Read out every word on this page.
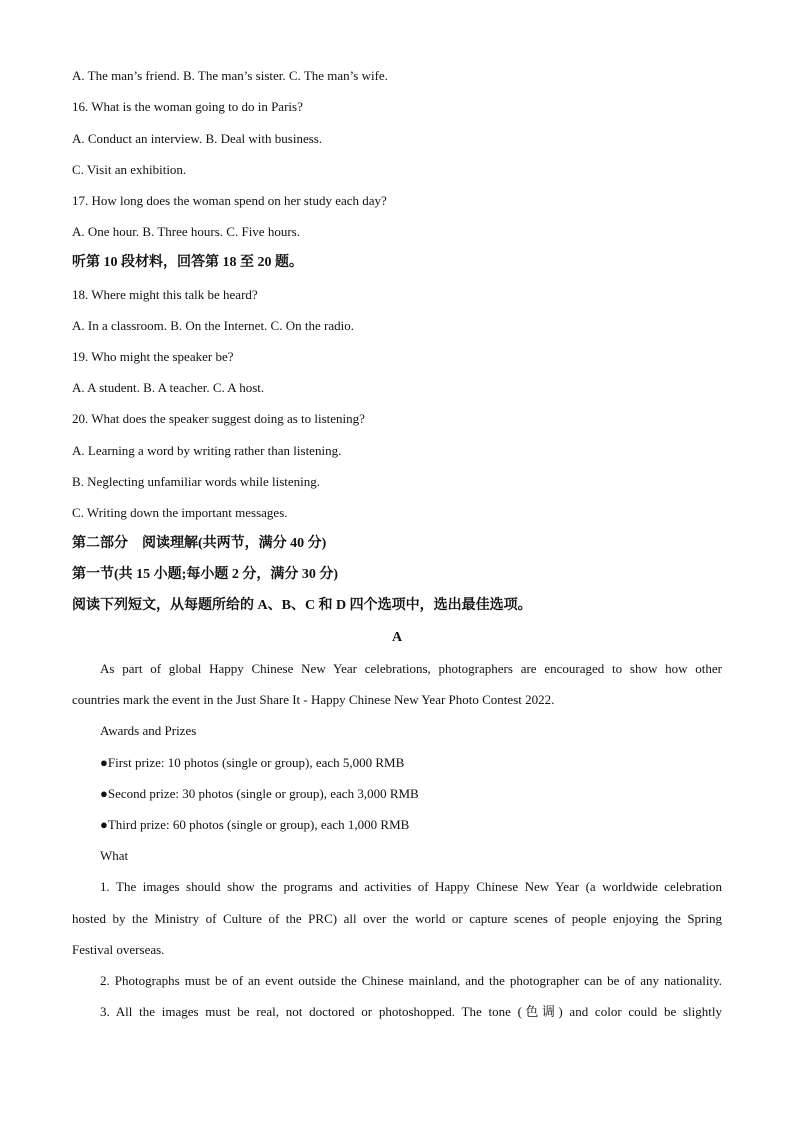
A. The man’s friend. B. The man’s sister. C. The man’s wife.
16. What is the woman going to do in Paris?
A. Conduct an interview. B. Deal with business.
C. Visit an exhibition.
17. How long does the woman spend on her study each day?
A. One hour. B. Three hours. C. Five hours.
听第 10 段材料，回答第 18 至 20 题。
18. Where might this talk be heard?
A. In a classroom. B. On the Internet. C. On the radio.
19. Who might the speaker be?
A. A student. B. A teacher. C. A host.
20. What does the speaker suggest doing as to listening?
A. Learning a word by writing rather than listening.
B. Neglecting unfamiliar words while listening.
C. Writing down the important messages.
第二部分　阅读理解(共两节，满分 40 分)
第一节(共 15 小题;每小题 2 分，满分 30 分)
阅读下列短文，从每题所给的 A、B、C 和 D 四个选项中，选出最佳选项。
A
As part of global Happy Chinese New Year celebrations, photographers are encouraged to show how other
countries mark the event in the Just Share It - Happy Chinese New Year Photo Contest 2022.
Awards and Prizes
●First prize: 10 photos (single or group), each 5,000 RMB
●Second prize: 30 photos (single or group), each 3,000 RMB
●Third prize: 60 photos (single or group), each 1,000 RMB
What
1. The images should show the programs and activities of Happy Chinese New Year (a worldwide celebration
hosted by the Ministry of Culture of the PRC) all over the world or capture scenes of people enjoying the Spring
Festival overseas.
2. Photographs must be of an event outside the Chinese mainland, and the photographer can be of any nationality.
3. All the images must be real, not doctored or photoshopped. The tone (色调) and color could be slightly
